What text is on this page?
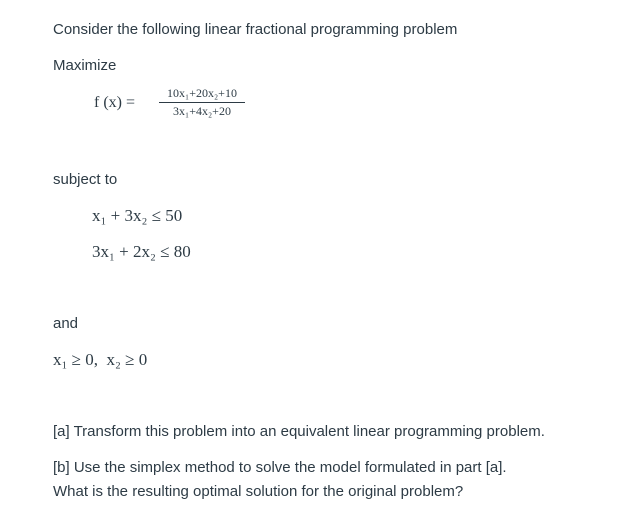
Consider the following linear fractional programming problem
Maximize
f (x) =
10x₁+20x₂+10
3x₁+4x₂+20
subject to
x₁ + 3x₂ ≤ 50
3x₁ + 2x₂ ≤ 80
and
x₁ ≥ 0,  x₂ ≥ 0
[a] Transform this problem into an equivalent linear programming problem.
[b] Use the simplex method to solve the model formulated in part [a].
What is the resulting optimal solution for the original problem?
